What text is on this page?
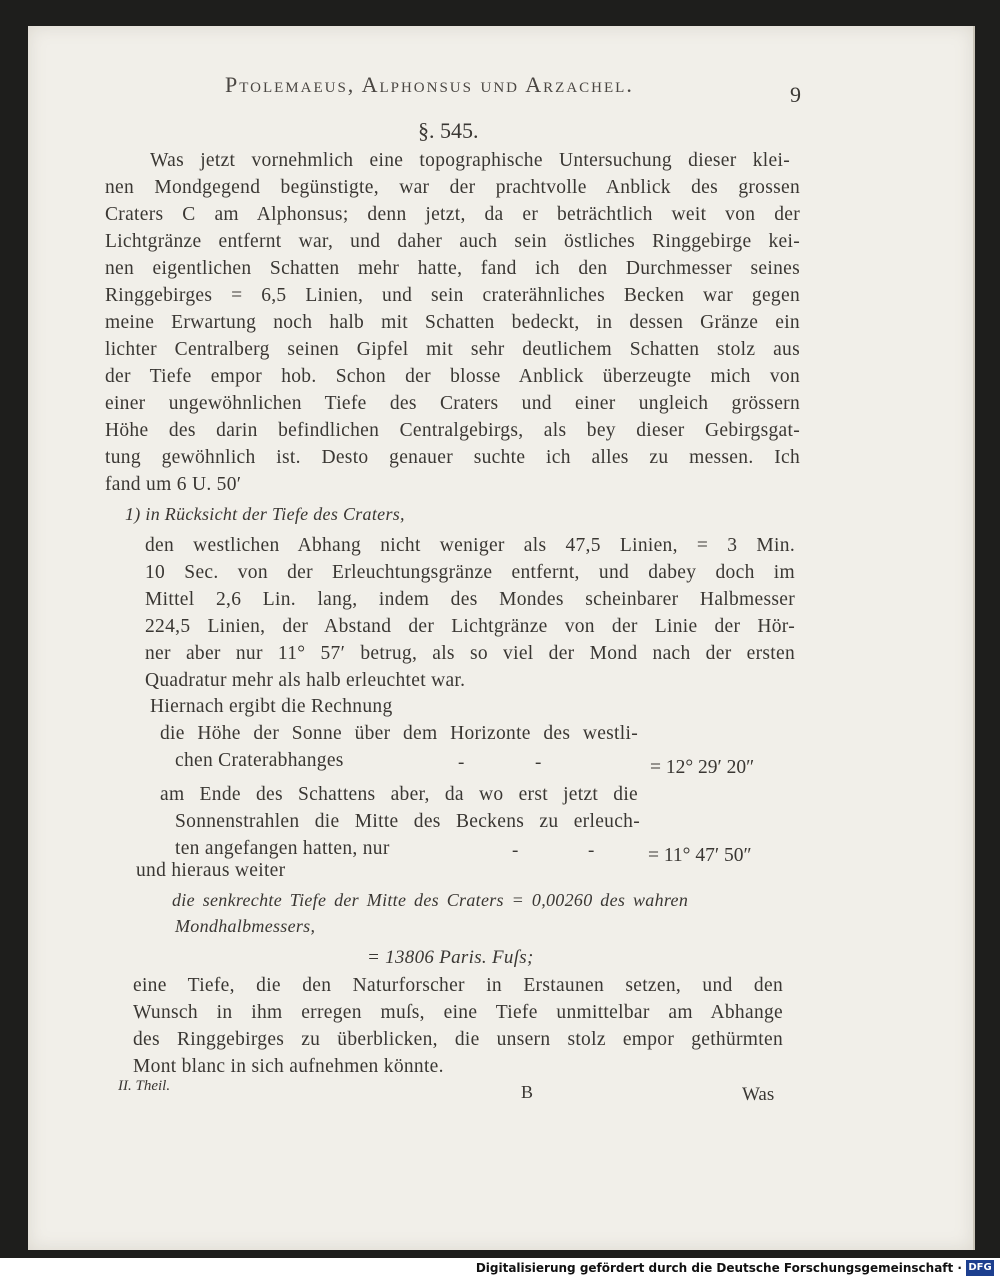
Ptolemaeus, Alphonsus und Arzachel.	9
§. 545.
Was jetzt vornehmlich eine topographische Untersuchung dieser klei-
nen Mondgegend begünstigte, war der prachtvolle Anblick des grossen
Craters C am Alphonsus; denn jetzt, da er beträchtlich weit von der
Lichtgränze entfernt war, und daher auch sein östliches Ringgebirge kei-
nen eigentlichen Schatten mehr hatte, fand ich den Durchmesser seines
Ringgebirges = 6,5 Linien, und sein craterähnliches Becken war gegen
meine Erwartung noch halb mit Schatten bedeckt, in dessen Gränze ein
lichter Centralberg seinen Gipfel mit sehr deutlichem Schatten stolz aus
der Tiefe empor hob. Schon der blosse Anblick überzeugte mich von
einer ungewöhnlichen Tiefe des Craters und einer ungleich grössern
Höhe des darin befindlichen Centralgebirgs, als bey dieser Gebirgsgat-
tung gewöhnlich ist. Desto genauer suchte ich alles zu messen. Ich
fand um 6 U. 50′
1) in Rücksicht der Tiefe des Craters,
den westlichen Abhang nicht weniger als 47,5 Linien, = 3 Min.
10 Sec. von der Erleuchtungsgränze entfernt, und dabey doch im
Mittel 2,6 Lin. lang, indem des Mondes scheinbarer Halbmesser
224,5 Linien, der Abstand der Lichtgränze von der Linie der Hör-
ner aber nur 11° 57′ betrug, als so viel der Mond nach der ersten
Quadratur mehr als halb erleuchtet war.
Hiernach ergibt die Rechnung
die Höhe der Sonne über dem Horizonte des westli-
chen Craterabhanges	-	-	= 12° 29′ 20″
am Ende des Schattens aber, da wo erst jetzt die
Sonnenstrahlen die Mitte des Beckens zu erleuch-
ten angefangen hatten, nur	-	-	= 11° 47′ 50″
und hieraus weiter
die senkrechte Tiefe der Mitte des Craters = 0,00260 des wahren
Mondhalbmessers,
= 13806 Paris. Fuſs;
eine Tiefe, die den Naturforscher in Erstaunen setzen, und den
Wunsch in ihm erregen muſs, eine Tiefe unmittelbar am Abhange
des Ringgebirges zu überblicken, die unsern stolz empor gethürmten
Mont blanc in sich aufnehmen könnte.
II. Theil.	B	Was
Digitalisierung gefördert durch die Deutsche Forschungsgemeinschaft · DFG
